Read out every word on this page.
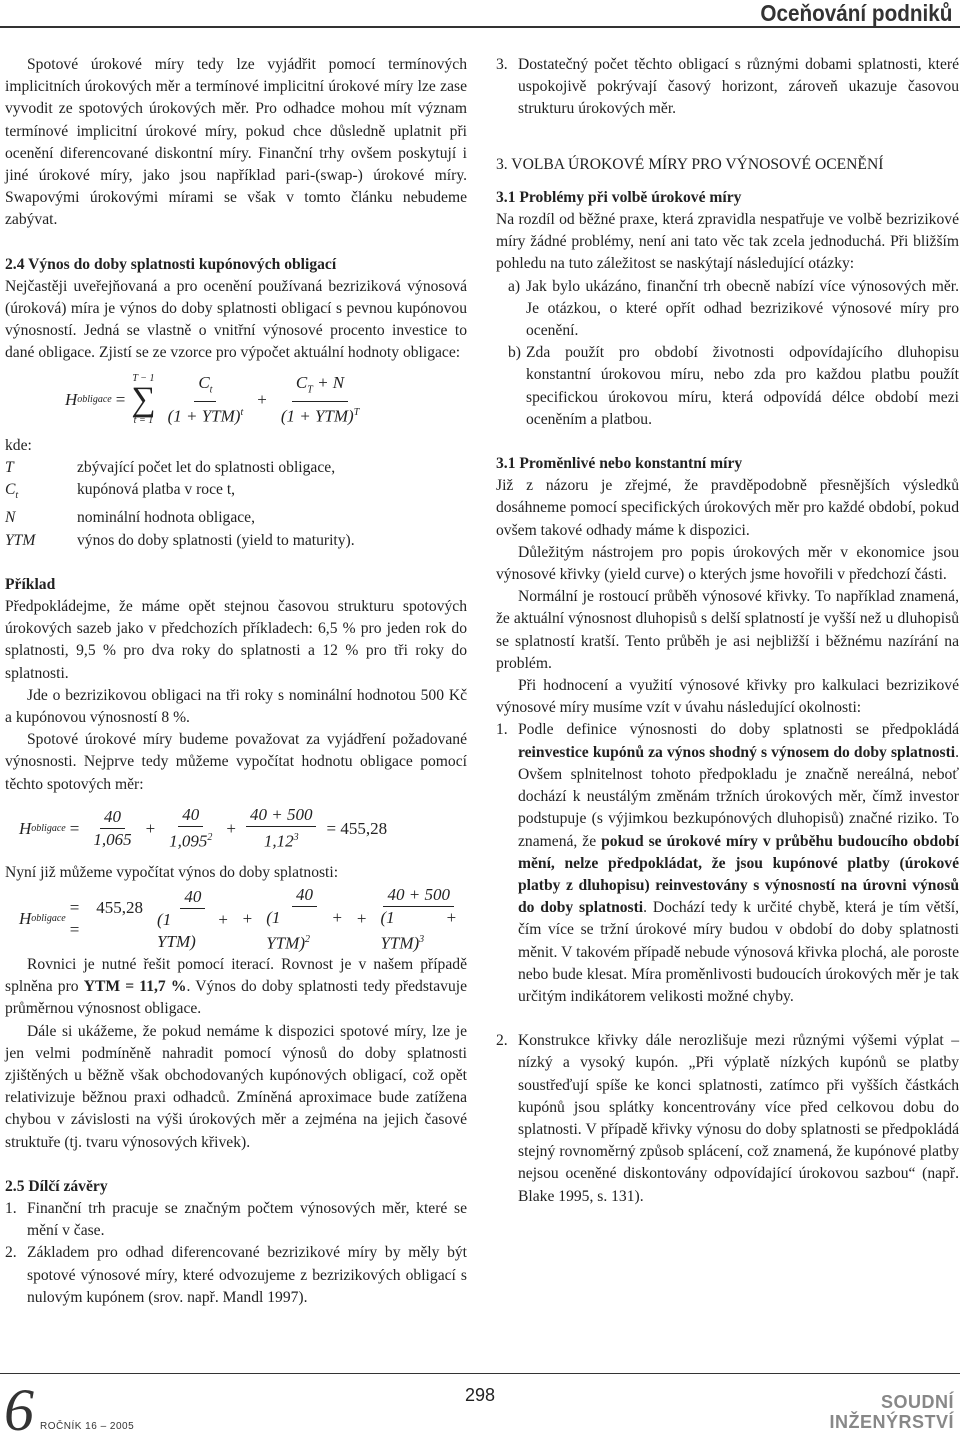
Oceňování podniků

Spotové úrokové míry tedy lze vyjádřit pomocí termínových implicitních úrokových měr a termínové implicitní úrokové míry lze zase vyvodit ze spotových úrokových měr. Pro odhadce mohou mít význam termínové implicitní úrokové míry, pokud chce důsledně uplatnit při ocenění diferencované diskontní míry. Finanční trhy ovšem poskytují i jiné úrokové míry, jako jsou například pari-(swap-) úrokové míry. Swapovými úrokovými mírami se však v tomto článku nebudeme zabývat.

2.4 Výnos do doby splatnosti kupónových obligací

Nejčastěji uveřejňovaná a pro ocenění používaná bezriziková výnosová (úroková) míra je výnos do doby splatnosti obligací s pevnou kupónovou výnosností. Jedná se vlastně o vnitřní výnosové procento investice to dané obligace. Zjistí se ze vzorce pro výpočet aktuální hodnoty obligace:

H obligace =
T − 1
∑
$t = 1 \frac{C_t}{(1 + YTM)^t} + \frac{C_T + N}{(1 + YTM)^T}$

kde:

T	zbývající počet let do splatnosti obligace,
$C_t$	kupónová platba v roce t,
N	nominální hodnota obligace,
YTM	výnos do doby splatnosti (yield to maturity).
Příklad

Předpokládejme, že máme opět stejnou časovou strukturu spotových úrokových sazeb jako v předchozích příkladech: 6,5 % pro jeden rok do splatnosti, 9,5 % pro dva roky do splatnosti a 12 % pro tři roky do splatnosti.

Jde o bezrizikovou obligaci na tři roky s nominální hodnotou 500 Kč a kupónovou výnosností 8 %.

Spotové úrokové míry budeme považovat za vyjádření požadované výnosnosti. Nejprve tedy můžeme vypočítat hodnotu obligace pomocí těchto spotových měr:

H obligace = $\frac{40}{1,065} + \frac{40}{1,095^2} + \frac{40 + 500}{1,12^3} = 455,28$

Nyní již můžeme vypočítat výnos do doby splatnosti:

H obligace
= 455,28 =	$\frac{40}{\text{(1 + YTM)}} + \frac{40}{(1 + YTM)^2} + \frac{40 + 500}{(1 + YTM)^3}$

Rovnici je nutné řešit pomocí iterací. Rovnost je v našem případě splněna pro YTM = 11,7 %. Výnos do doby splatnosti tedy představuje průměrnou výnosnost obligace.

Dále si ukážeme, že pokud nemáme k dispozici spotové míry, lze je jen velmi podmíněně nahradit pomocí výnosů do doby splatnosti zjištěných u běžně však obchodovaných kupónových obligací, což opět relativizuje běžnou praxi odhadců. Zmíněná aproximace bude zatížena chybou v závislosti na výši úrokových měr a zejména na jejich časové struktuře (tj. tvaru výnosových křivek).

2.5 Dílčí závěry
1. Finanční trh pracuje se značným počtem výnosových měr, které se mění v čase.
2. Základem pro odhad diferencované bezrizikové míry by měly být spotové výnosové míry, které odvozujeme z bezrizikových obligací s nulovým kupónem (srov. např. Mandl 1997).
3. Dostatečný počet těchto obligací s různými dobami splatnosti, které uspokojivě pokrývají časový horizont, zároveň ukazuje časovou strukturu úrokových měr.
3. VOLBA ÚROKOVÉ MÍRY PRO VÝNOSOVÉ OCENĚNÍ
3.1 Problémy při volbě úrokové míry

Na rozdíl od běžné praxe, která zpravidla nespatřuje ve volbě bezrizikové míry žádné problémy, není ani tato věc tak zcela jednoduchá. Při bližším pohledu na tuto záležitost se naskýtají následující otázky:

a) Jak bylo ukázáno, finanční trh obecně nabízí více výnosových měr. Je otázkou, o které opřít odhad bezrizikové výnosové míry pro ocenění.
b) Zda použít pro období životnosti odpovídajícího dluhopisu konstantní úrokovou míru, nebo zda pro každou platbu použít specifickou úrokovou míru, která odpovídá délce období mezi oceněním a platbou.
3.1 Proměnlivé nebo konstantní míry

Již z názoru je zřejmé, že pravděpodobně přesnějších výsledků dosáhneme pomocí specifických úrokových měr pro každé období, pokud ovšem takové odhady máme k dispozici.

Důležitým nástrojem pro popis úrokových měr v ekonomice jsou výnosové křivky (yield curve) o kterých jsme hovořili v předchozí části.

Normální je rostoucí průběh výnosové křivky. To například znamená, že aktuální výnosnost dluhopisů s delší splatností je vyšší než u dluhopisů se splatností kratší. Tento průběh je asi nejbližší i běžnému nazírání na problém.

Při hodnocení a využití výnosové křivky pro kalkulaci bezrizikové výnosové míry musíme vzít v úvahu následující okolnosti:

1. Podle definice výnosnosti do doby splatnosti se předpokládá reinvestice kupónů za výnos shodný s výnosem do doby splatnosti. Ovšem splnitelnost tohoto předpokladu je značně nereálná, neboť dochází k neustálým změnám tržních úrokových měr, čímž investor podstupuje (s výjimkou bezkupónových dluhopisů) značné riziko. To znamená, že pokud se úrokové míry v průběhu budoucího období mění, nelze předpokládat, že jsou kupónové platby (úrokové platby z dluhopisu) reinvestovány s výnosností na úrovni výnosů do doby splatnosti. Dochází tedy k určité chybě, která je tím větší, čím více se tržní úrokové míry budou v období do doby splatnosti měnit. V takovém případě nebude výnosová křivka plochá, ale poroste nebo bude klesat. Míra proměnlivosti budoucích úrokových měr je tak určitým indikátorem velikosti možné chyby.
2. Konstrukce křivky dále nerozlišuje mezi různými výšemi výplat – nízký a vysoký kupón. „Při výplatě nízkých kupónů se platby soustřeďují spíše ke konci splatnosti, zatímco při vyšších částkách kupónů jsou splátky koncentrovány více před celkovou dobu do splatnosti. V případě křivky výnosu do doby splatnosti se předpokládá stejný rovnoměrný způsob splácení, což znamená, že kupónové platby nejsou oceněné diskontovány odpovídající úrokovou sazbou“ (např. Blake 1995, s. 131).
6 ROČNÍK 16 – 2005
298	SOUDNÍ
INŽENÝRSTVÍ
